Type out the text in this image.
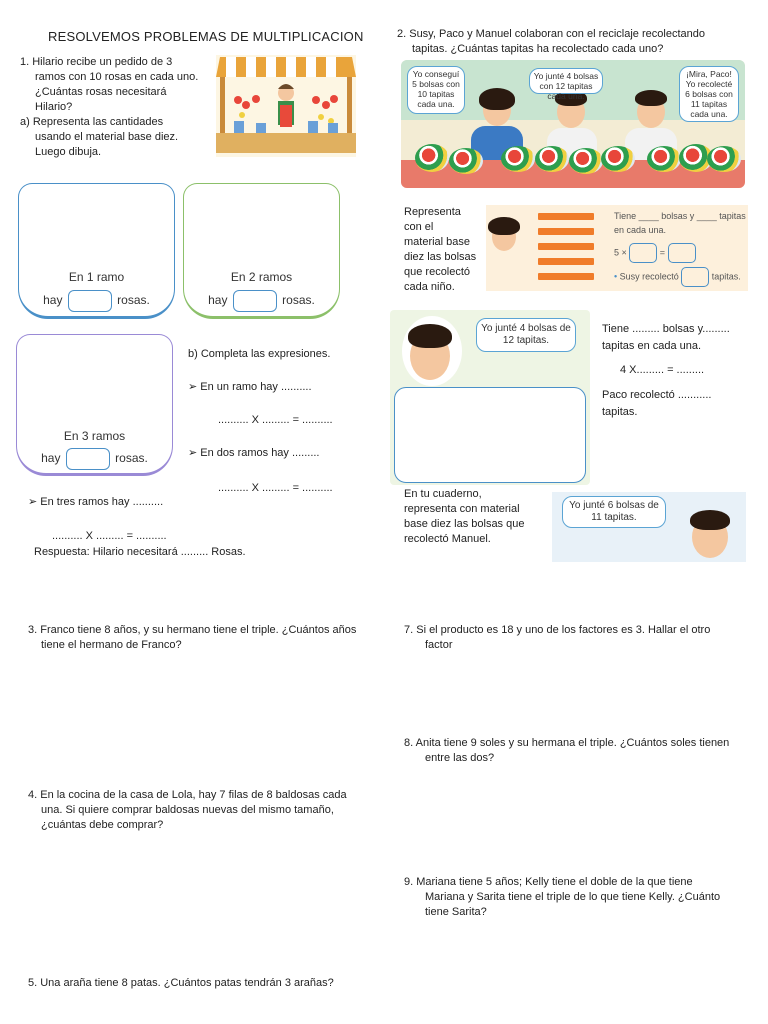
RESOLVEMOS PROBLEMAS DE MULTIPLICACION
1. Hilario recibe un pedido de 3
ramos con 10 rosas en cada uno.
¿Cuántas rosas necesitará
Hilario?
a) Representa las cantidades
usando el material base diez.
Luego dibuja.
En 1 ramo
hay	rosas.
En 2 ramos
hay	rosas.
En 3 ramos
hay	rosas.
b) Completa las expresiones.
➢ En un ramo hay ..........
.......... X ......... = ..........
➢ En dos ramos hay .........
.......... X ......... = ..........
➢ En tres ramos hay ..........
.......... X ......... = ..........
Respuesta: Hilario necesitará ......... Rosas.
2. Susy, Paco y Manuel colaboran con el reciclaje recolectando
tapitas. ¿Cuántas tapitas ha recolectado cada uno?
Yo conseguí 5 bolsas con 10 tapitas cada una.
Yo junté 4 bolsas con 12 tapitas cada una.
¡Mira, Paco! Yo recolecté 6 bolsas con 11 tapitas cada una.
Representa
con el
material base
diez las bolsas
que recolectó
cada niño.
Tiene ____ bolsas y ____ tapitas
en cada una.
5 ×	=
• Susy recolectó	tapitas.
Yo junté 4 bolsas de 12 tapitas.
Tiene ......... bolsas y.........
tapitas en cada una.
4 X......... = .........
Paco recolectó ...........
tapitas.
En tu cuaderno,
representa con material
base diez las bolsas que
recolectó Manuel.
Yo junté 6 bolsas de 11 tapitas.
3. Franco tiene 8 años, y su hermano tiene el triple. ¿Cuántos años
tiene el hermano de Franco?
4. En la cocina de la casa de Lola, hay 7 filas de 8 baldosas cada
una. Si quiere comprar baldosas nuevas del mismo tamaño,
¿cuántas debe comprar?
5. Una araña tiene 8 patas. ¿Cuántos patas tendrán 3 arañas?
7. Si el producto es 18 y uno de los factores es 3. Hallar el otro
factor
8. Anita tiene 9 soles y su hermana el triple. ¿Cuántos soles tienen
entre las dos?
9. Mariana tiene 5 años; Kelly tiene el doble de la que tiene
Mariana y Sarita tiene el triple de lo que tiene Kelly. ¿Cuánto
tiene Sarita?
